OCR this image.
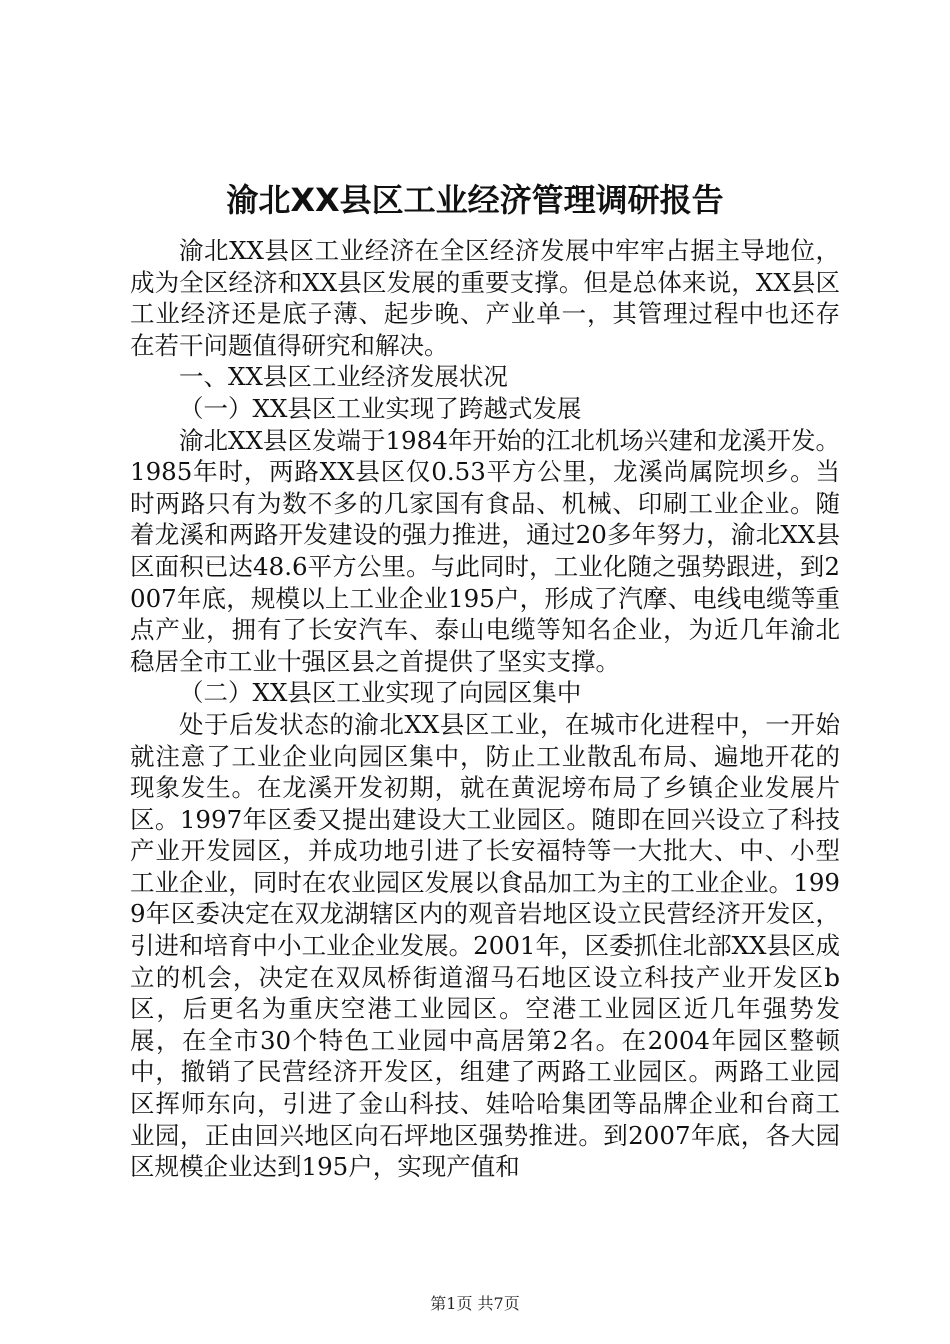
渝北XX县区工业经济管理调研报告

渝北XX县区工业经济在全区经济发展中牢牢占据主导地位，成为全区经济和XX县区发展的重要支撑。但是总体来说，XX县区工业经济还是底子薄、起步晚、产业单一，其管理过程中也还存在若干问题值得研究和解决。

一、XX县区工业经济发展状况

（一）XX县区工业实现了跨越式发展

渝北XX县区发端于1984年开始的江北机场兴建和龙溪开发。1985年时，两路XX县区仅0.53平方公里，龙溪尚属院坝乡。当时两路只有为数不多的几家国有食品、机械、印刷工业企业。随着龙溪和两路开发建设的强力推进，通过20多年努力，渝北XX县区面积已达48.6平方公里。与此同时，工业化随之强势跟进，到2007年底，规模以上工业企业195户，形成了汽摩、电线电缆等重点产业，拥有了长安汽车、泰山电缆等知名企业，为近几年渝北稳居全市工业十强区县之首提供了坚实支撑。

（二）XX县区工业实现了向园区集中

处于后发状态的渝北XX县区工业，在城市化进程中，一开始就注意了工业企业向园区集中，防止工业散乱布局、遍地开花的现象发生。在龙溪开发初期，就在黄泥塝布局了乡镇企业发展片区。1997年区委又提出建设大工业园区。随即在回兴设立了科技产业开发园区，并成功地引进了长安福特等一大批大、中、小型工业企业，同时在农业园区发展以食品加工为主的工业企业。1999年区委决定在双龙湖辖区内的观音岩地区设立民营经济开发区，引进和培育中小工业企业发展。2001年，区委抓住北部XX县区成立的机会，决定在双凤桥街道溜马石地区设立科技产业开发区b区，后更名为重庆空港工业园区。空港工业园区近几年强势发展，在全市30个特色工业园中高居第2名。在2004年园区整顿中，撤销了民营经济开发区，组建了两路工业园区。两路工业园区挥师东向，引进了金山科技、娃哈哈集团等品牌企业和台商工业园，正由回兴地区向石坪地区强势推进。到2007年底，各大园区规模企业达到195户，实现产值和

第1页 共7页
